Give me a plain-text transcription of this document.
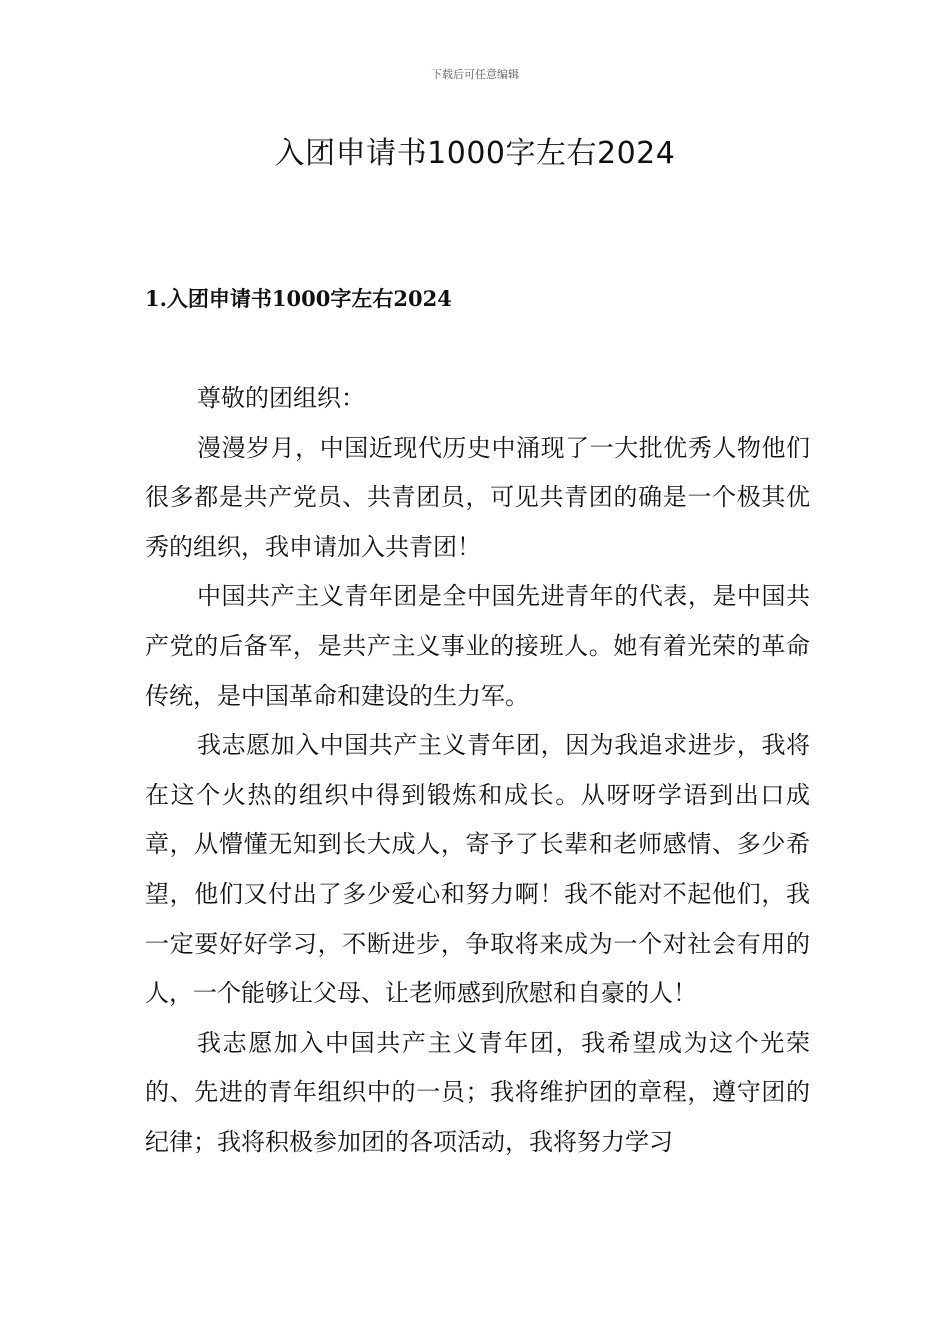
下载后可任意编辑
入团申请书1000字左右2024
1.入团申请书1000字左右2024

尊敬的团组织：

漫漫岁月，中国近现代历史中涌现了一大批优秀人物他们很多都是共产党员、共青团员，可见共青团的确是一个极其优秀的组织，我申请加入共青团！

中国共产主义青年团是全中国先进青年的代表，是中国共产党的后备军，是共产主义事业的接班人。她有着光荣的革命传统，是中国革命和建设的生力军。

我志愿加入中国共产主义青年团，因为我追求进步，我将在这个火热的组织中得到锻炼和成长。从呀呀学语到出口成章，从懵懂无知到长大成人，寄予了长辈和老师感情、多少希望，他们又付出了多少爱心和努力啊！我不能对不起他们，我一定要好好学习，不断进步，争取将来成为一个对社会有用的人，一个能够让父母、让老师感到欣慰和自豪的人！

我志愿加入中国共产主义青年团，我希望成为这个光荣的、先进的青年组织中的一员；我将维护团的章程，遵守团的纪律；我将积极参加团的各项活动，我将努力学习
